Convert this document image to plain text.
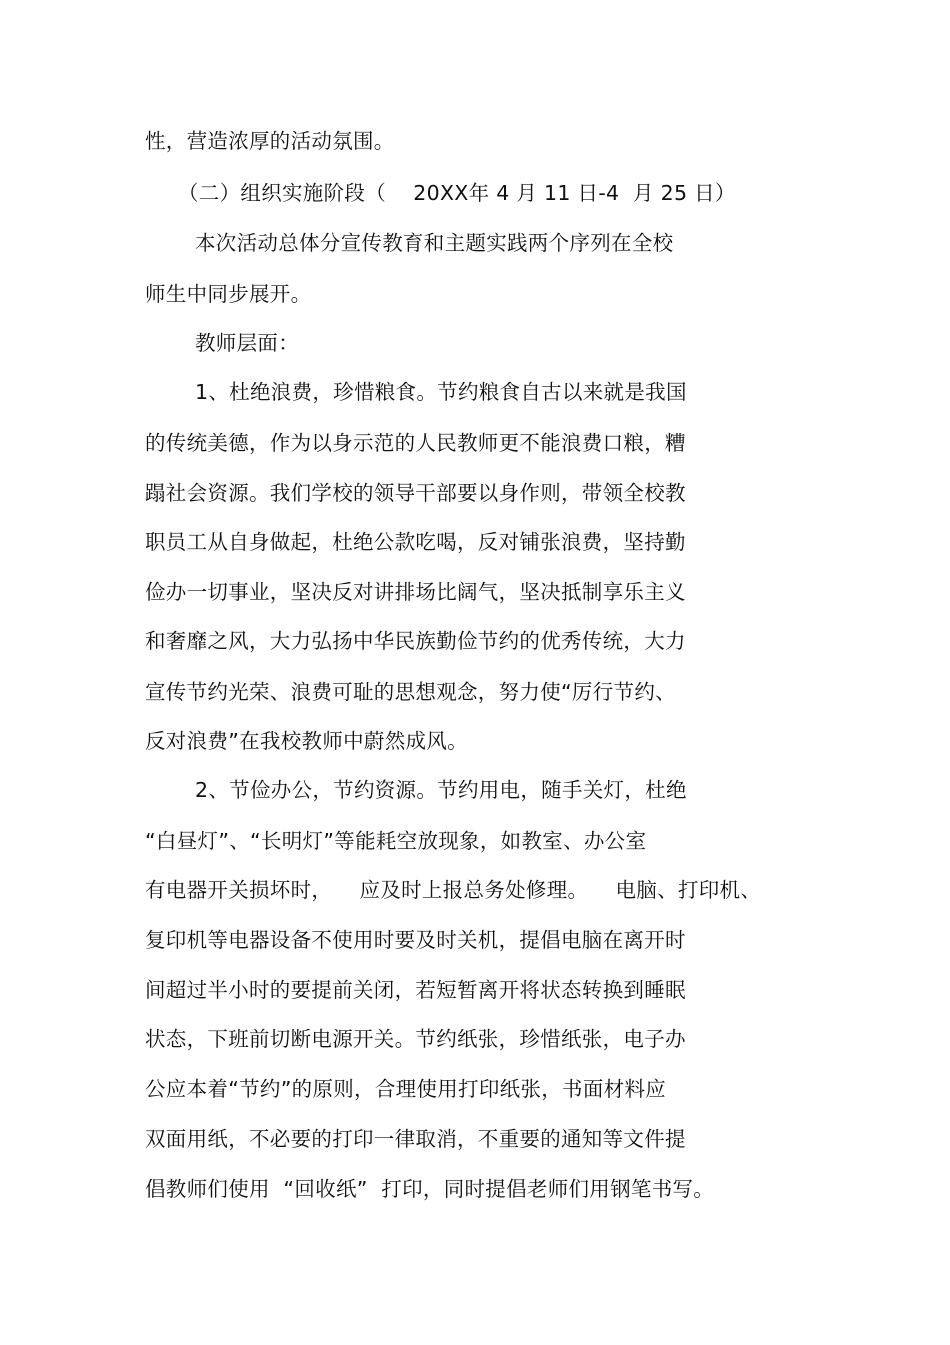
性，营造浓厚的活动氛围。
（二）组织实施阶段（    20XX年 4 月 11 日-4  月 25 日）
本次活动总体分宣传教育和主题实践两个序列在全校
师生中同步展开。
教师层面：
1、杜绝浪费，珍惜粮食。节约粮食自古以来就是我国
的传统美德，作为以身示范的人民教师更不能浪费口粮，糟
蹋社会资源。我们学校的领导干部要以身作则，带领全校教
职员工从自身做起，杜绝公款吃喝，反对铺张浪费，坚持勤
俭办一切事业，坚决反对讲排场比阔气，坚决抵制享乐主义
和奢靡之风，大力弘扬中华民族勤俭节约的优秀传统，大力
宣传节约光荣、浪费可耻的思想观念，努力使“厉行节约、
反对浪费”在我校教师中蔚然成风。
2、节俭办公，节约资源。节约用电，随手关灯，杜绝
“白昼灯”、“长明灯”等能耗空放现象，如教室、办公室
有电器开关损坏时，    应及时上报总务处修理。    电脑、打印机、
复印机等电器设备不使用时要及时关机，提倡电脑在离开时
间超过半小时的要提前关闭，若短暂离开将状态转换到睡眠
状态，下班前切断电源开关。节约纸张，珍惜纸张，电子办
公应本着“节约”的原则，合理使用打印纸张，书面材料应
双面用纸，不必要的打印一律取消，不重要的通知等文件提
倡教师们使用  “回收纸”  打印，同时提倡老师们用钢笔书写。
